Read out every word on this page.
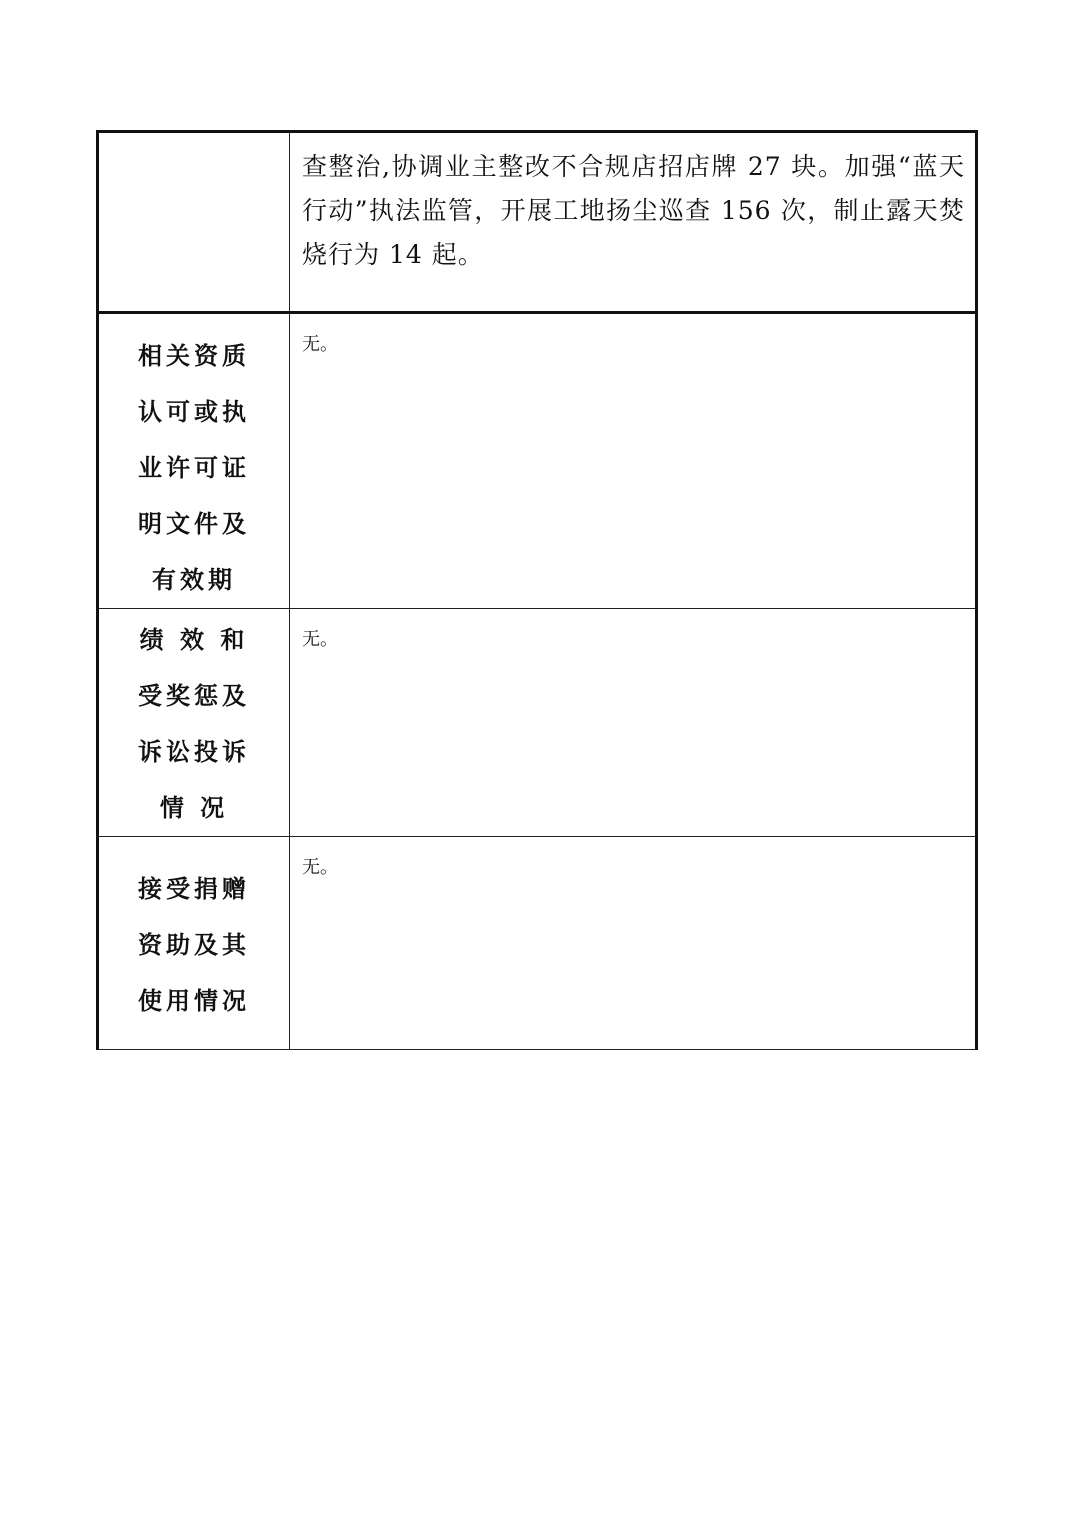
	查整治,协调业主整改不合规店招店牌 27 块。加强“蓝天行动”执法监管，开展工地扬尘巡查 156 次，制止露天焚烧行为 14 起。

相关资质
认可或执
业许可证
明文件及
有效期	无。

绩 效 和
受奖惩及
诉讼投诉
情 况	无。

接受捐赠
资助及其
使用情况	无。
